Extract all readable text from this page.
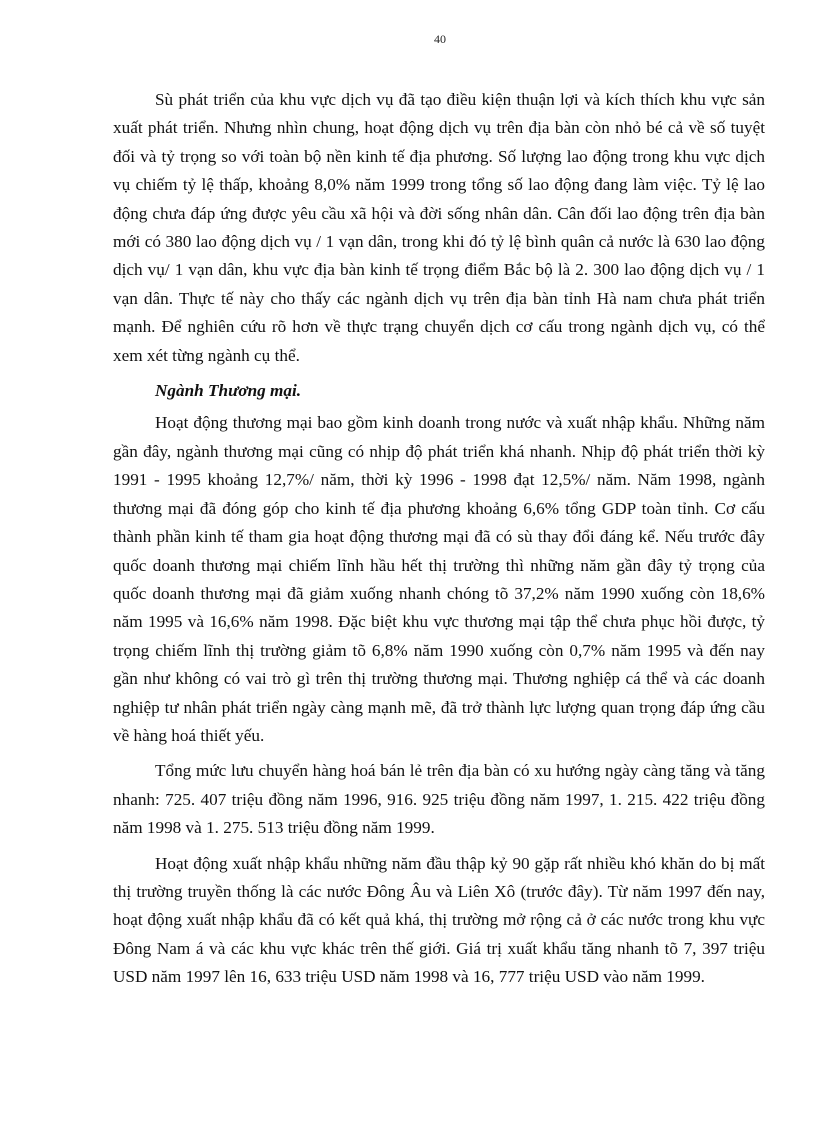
40

Sù phát triển của khu vực dịch vụ đã tạo điều kiện thuận lợi và kích thích khu vực sản xuất phát triển. Nhưng nhìn chung, hoạt động dịch vụ trên địa bàn còn nhỏ bé cả về số tuyệt đối và tỷ trọng so với toàn bộ nền kinh tế địa phương. Số lượng lao động trong khu vực dịch vụ chiếm tỷ lệ thấp, khoảng 8,0% năm 1999 trong tổng số lao động đang làm việc. Tỷ lệ lao động chưa đáp ứng được yêu cầu xã hội và đời sống nhân dân. Cân đối lao động trên địa bàn mới có 380 lao động dịch vụ / 1 vạn dân, trong khi đó tỷ lệ bình quân cả nước là 630 lao động dịch vụ/ 1 vạn dân, khu vực địa bàn kinh tế trọng điểm Bắc bộ là 2. 300 lao động dịch vụ / 1 vạn dân. Thực tế này cho thấy các ngành dịch vụ trên địa bàn tỉnh Hà nam chưa phát triển mạnh. Để nghiên cứu rõ hơn về thực trạng chuyển dịch cơ cấu trong ngành dịch vụ, có thể xem xét từng ngành cụ thể.

Ngành Thương mại.

Hoạt động thương mại bao gồm kinh doanh trong nước và xuất nhập khẩu. Những năm gần đây, ngành thương mại cũng có nhịp độ phát triển khá nhanh. Nhịp độ phát triển thời kỳ 1991 - 1995 khoảng 12,7%/ năm, thời kỳ 1996 - 1998 đạt 12,5%/ năm. Năm 1998, ngành thương mại đã đóng góp cho kinh tế địa phương khoảng 6,6% tổng GDP toàn tỉnh. Cơ cấu thành phần kinh tế tham gia hoạt động thương mại đã có sù thay đổi đáng kể. Nếu trước đây quốc doanh thương mại chiếm lĩnh hầu hết thị trường thì những năm gần đây tỷ trọng của quốc doanh thương mại đã giảm xuống nhanh chóng tõ 37,2% năm 1990 xuống còn 18,6% năm 1995 và 16,6% năm 1998. Đặc biệt khu vực thương mại tập thể chưa phục hồi được, tỷ trọng chiếm lĩnh thị trường giảm tõ 6,8% năm 1990 xuống còn 0,7% năm 1995 và đến nay gần như không có vai trò gì trên thị trường thương mại. Thương nghiệp cá thể và các doanh nghiệp tư nhân phát triển ngày càng mạnh mẽ, đã trở thành lực lượng quan trọng đáp ứng cầu về hàng hoá thiết yếu.

Tổng mức lưu chuyển hàng hoá bán lẻ trên địa bàn có xu hướng ngày càng tăng và tăng nhanh: 725. 407 triệu đồng năm 1996, 916. 925 triệu đồng năm 1997, 1. 215. 422 triệu đồng năm 1998 và 1. 275. 513 triệu đồng năm 1999.

Hoạt động xuất nhập khẩu những năm đầu thập kỷ 90 gặp rất nhiều khó khăn do bị mất thị trường truyền thống là các nước Đông Âu và Liên Xô (trước đây). Từ năm 1997 đến nay, hoạt động xuất nhập khẩu đã có kết quả khá, thị trường mở rộng cả ở các nước trong khu vực Đông Nam á và các khu vực khác trên thế giới. Giá trị xuất khẩu tăng nhanh tõ 7, 397 triệu USD năm 1997 lên 16, 633 triệu USD năm 1998 và 16, 777 triệu USD vào năm 1999.
